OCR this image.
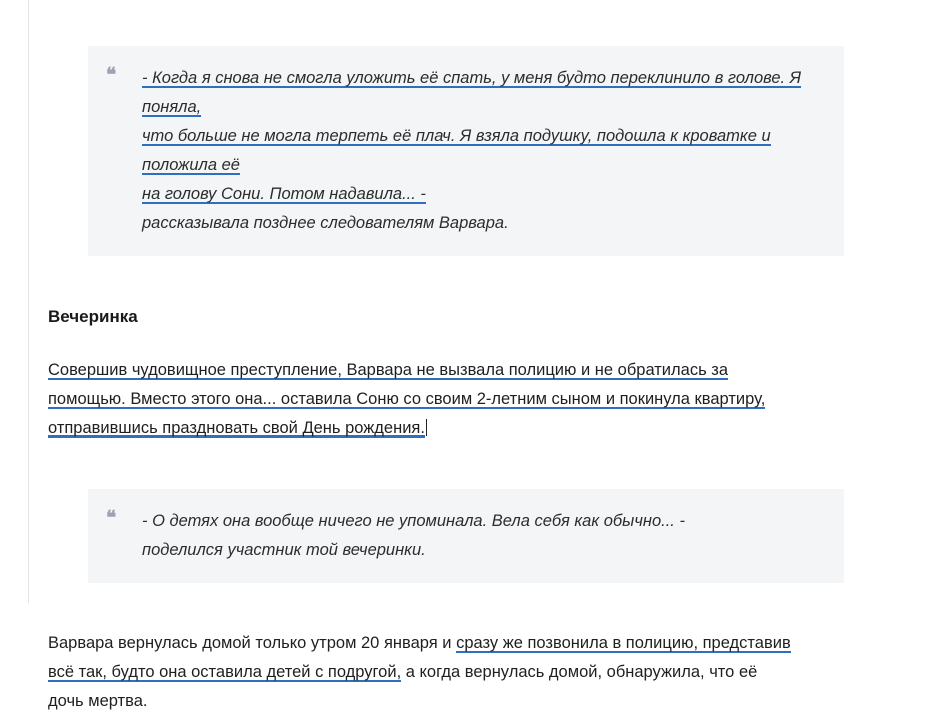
❝ - Когда я снова не смогла уложить её спать, у меня будто переклинило в голове. Я поняла,
что больше не могла терпеть её плач. Я взяла подушку, подошла к кроватке и положила её
на голову Сони. Потом надавила... -

рассказывала позднее следователям Варвара.

Вечеринка

Совершив чудовищное преступление, Варвара не вызвала полицию и не обратилась за
помощью. Вместо этого она... оставила Соню со своим 2-летним сыном и покинула квартиру,
отправившись праздновать свой День рождения.

❝ - О детях она вообще ничего не упоминала. Вела себя как обычно... -

поделился участник той вечеринки.

Варвара вернулась домой только утром 20 января и сразу же позвонила в полицию, представив
всё так, будто она оставила детей с подругой, а когда вернулась домой, обнаружила, что её
дочь мертва.
